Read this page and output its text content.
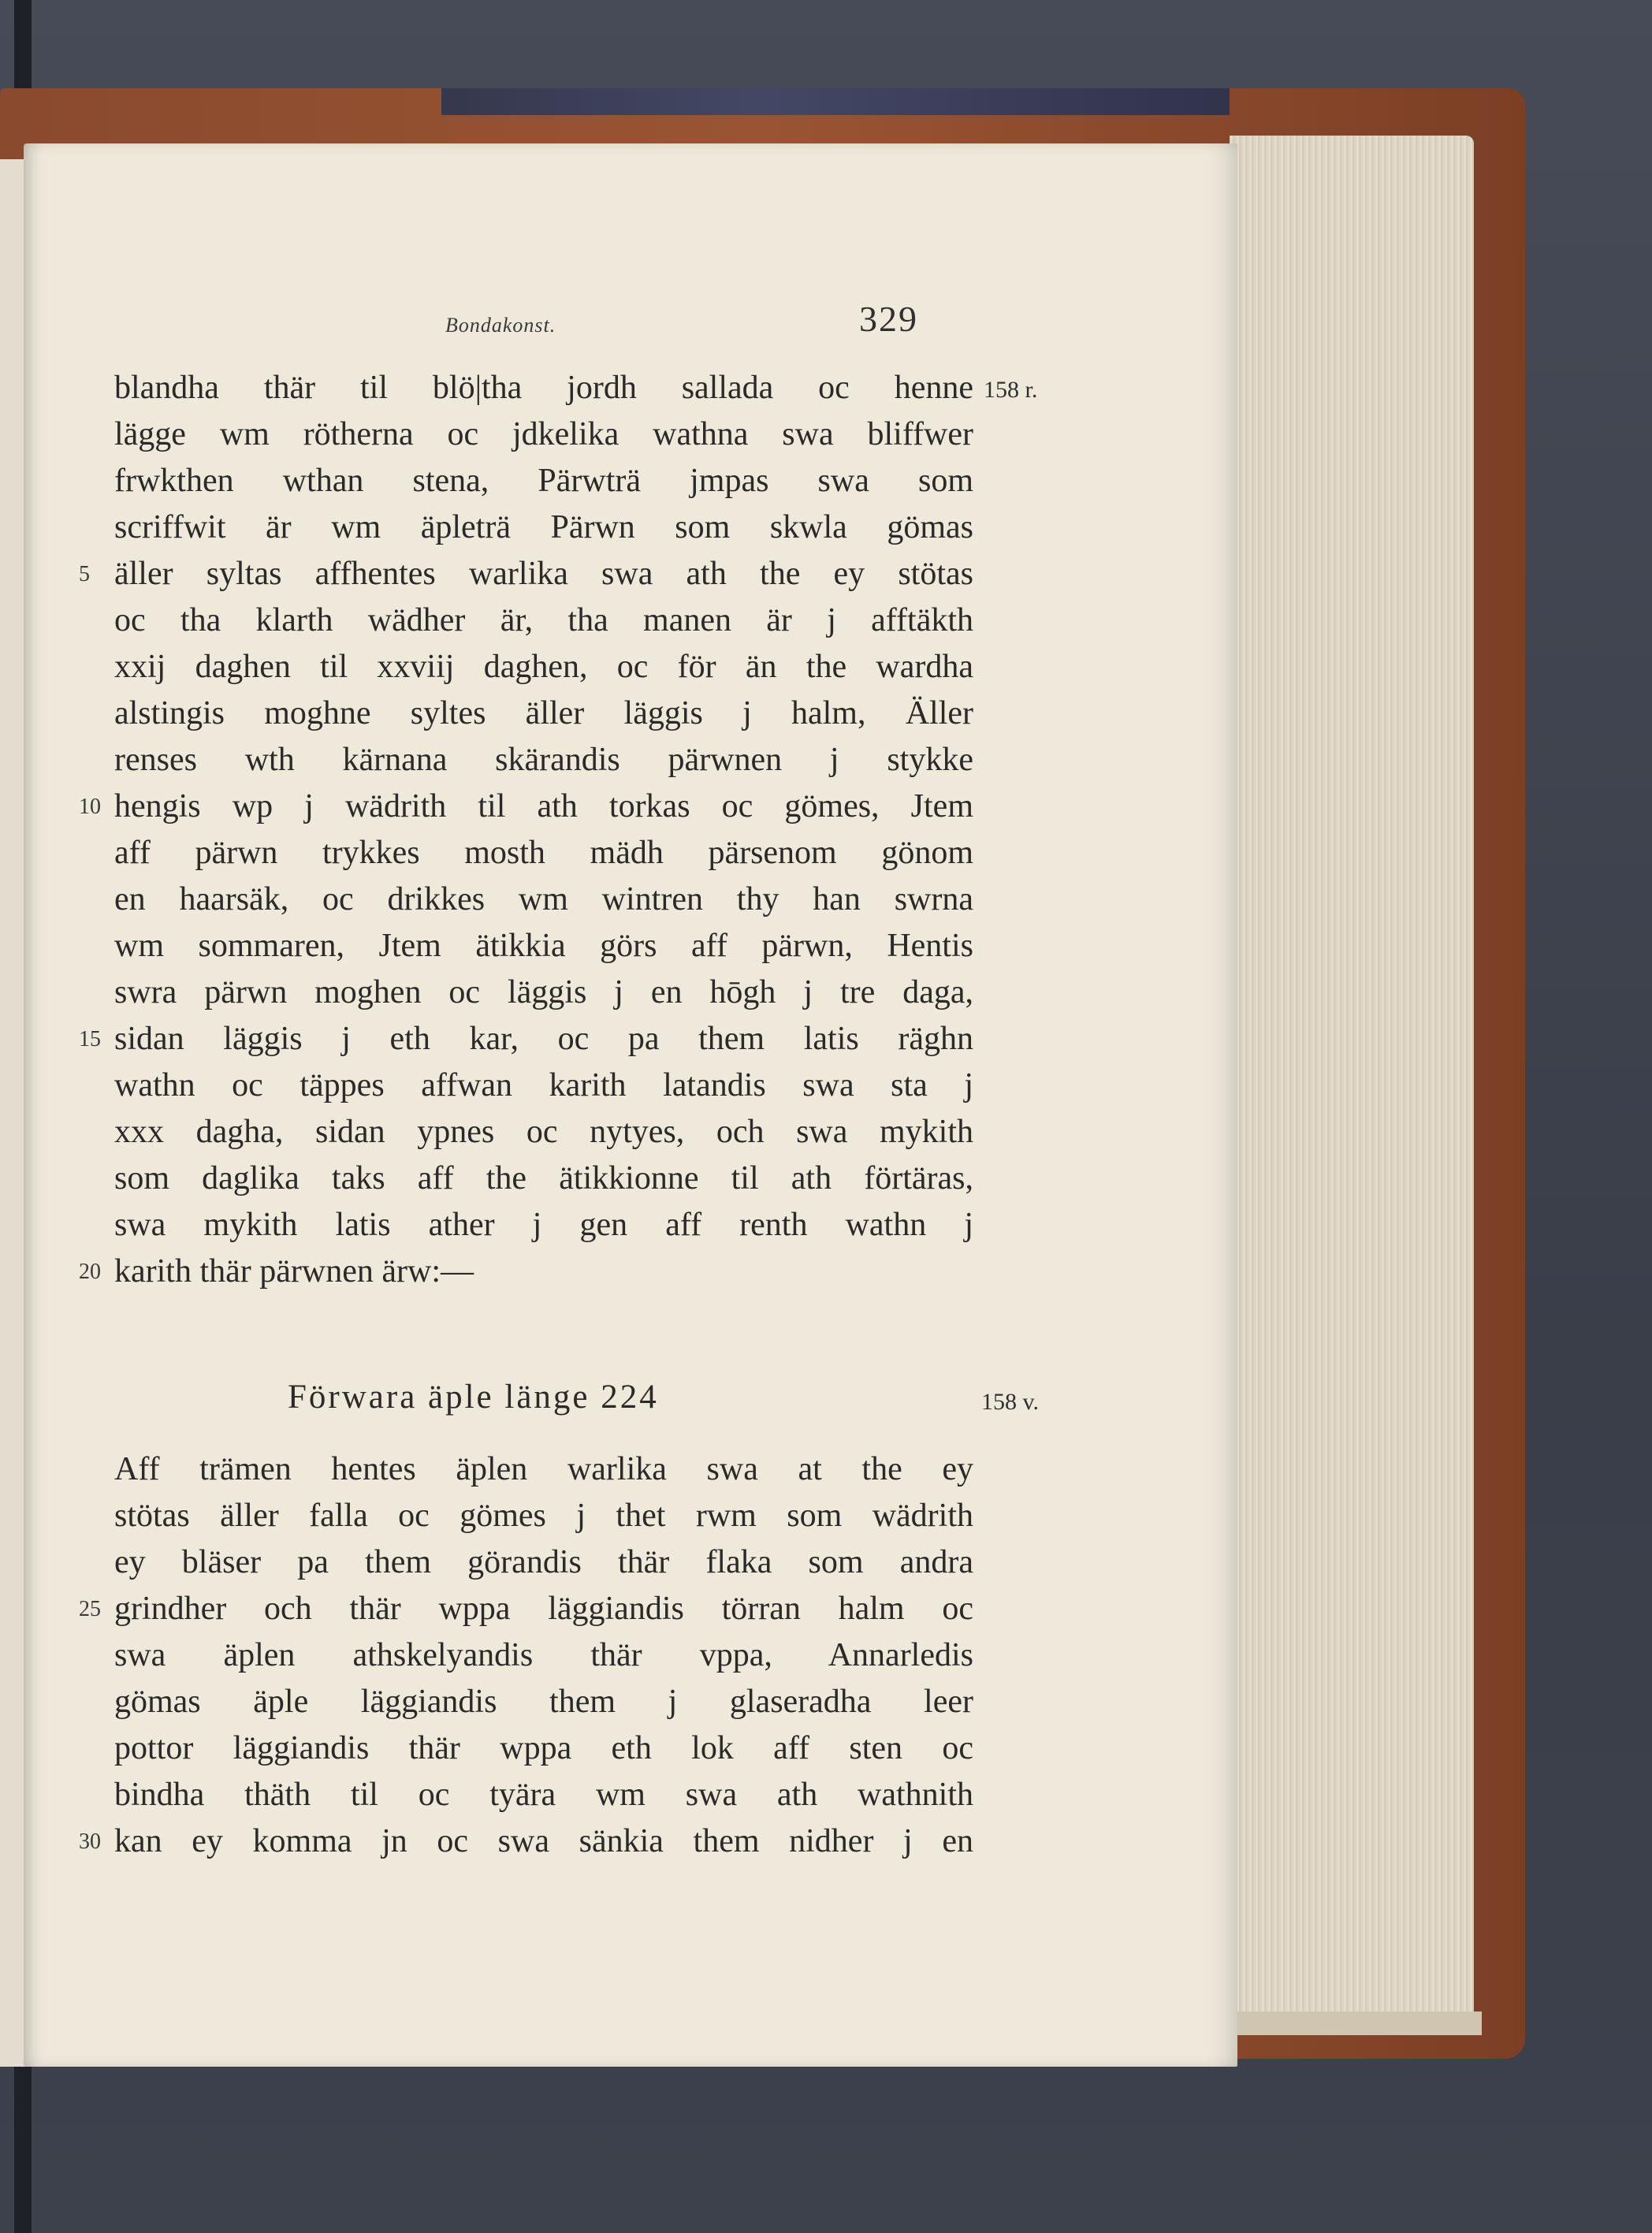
Bondakonst.	329
158 r.
blandha thär til blö|tha jordh sallada oc henne
lägge wm rötherna oc jdkelika wathna swa bliffwer
frwkthen wthan stena, Pärwträ jmpas swa som
scriffwit är wm äpleträ Pärwn som skwla gömas
äller syltas affhentes warlika swa ath the ey stötas
5
oc tha klarth wädher är, tha manen är j afftäkth
xxij daghen til xxviij daghen, oc för än the wardha
alstingis moghne syltes äller läggis j halm, Äller
renses wth kärnana skärandis pärwnen j stykke
hengis wp j wädrith til ath torkas oc gömes, Jtem
10
aff pärwn trykkes mosth mädh pärsenom gönom
en haarsäk, oc drikkes wm wintren thy han swrna
wm sommaren, Jtem ätikkia görs aff pärwn, Hentis
swra pärwn moghen oc läggis j en hōgh j tre daga,
sidan läggis j eth kar, oc pa them latis räghn
15
wathn oc täppes affwan karith latandis swa sta j
xxx dagha, sidan ypnes oc nytyes, och swa mykith
som daglika taks aff the ätikkionne til ath förtäras,
swa mykith latis ather j gen aff renth wathn j
karith thär pärwnen ärw:—
20
Förwara äple länge 224	158 v.
Aff trämen hentes äplen warlika swa at the ey
stötas äller falla oc gömes j thet rwm som wädrith
ey bläser pa them görandis thär flaka som andra
grindher och thär wppa läggiandis törran halm oc
25
swa äplen athskelyandis thär vppa, Annarledis
gömas äple läggiandis them j glaseradha leer
pottor läggiandis thär wppa eth lok aff sten oc
bindha thäth til oc tyära wm swa ath wathnith
kan ey komma jn oc swa sänkia them nidher j en
30
